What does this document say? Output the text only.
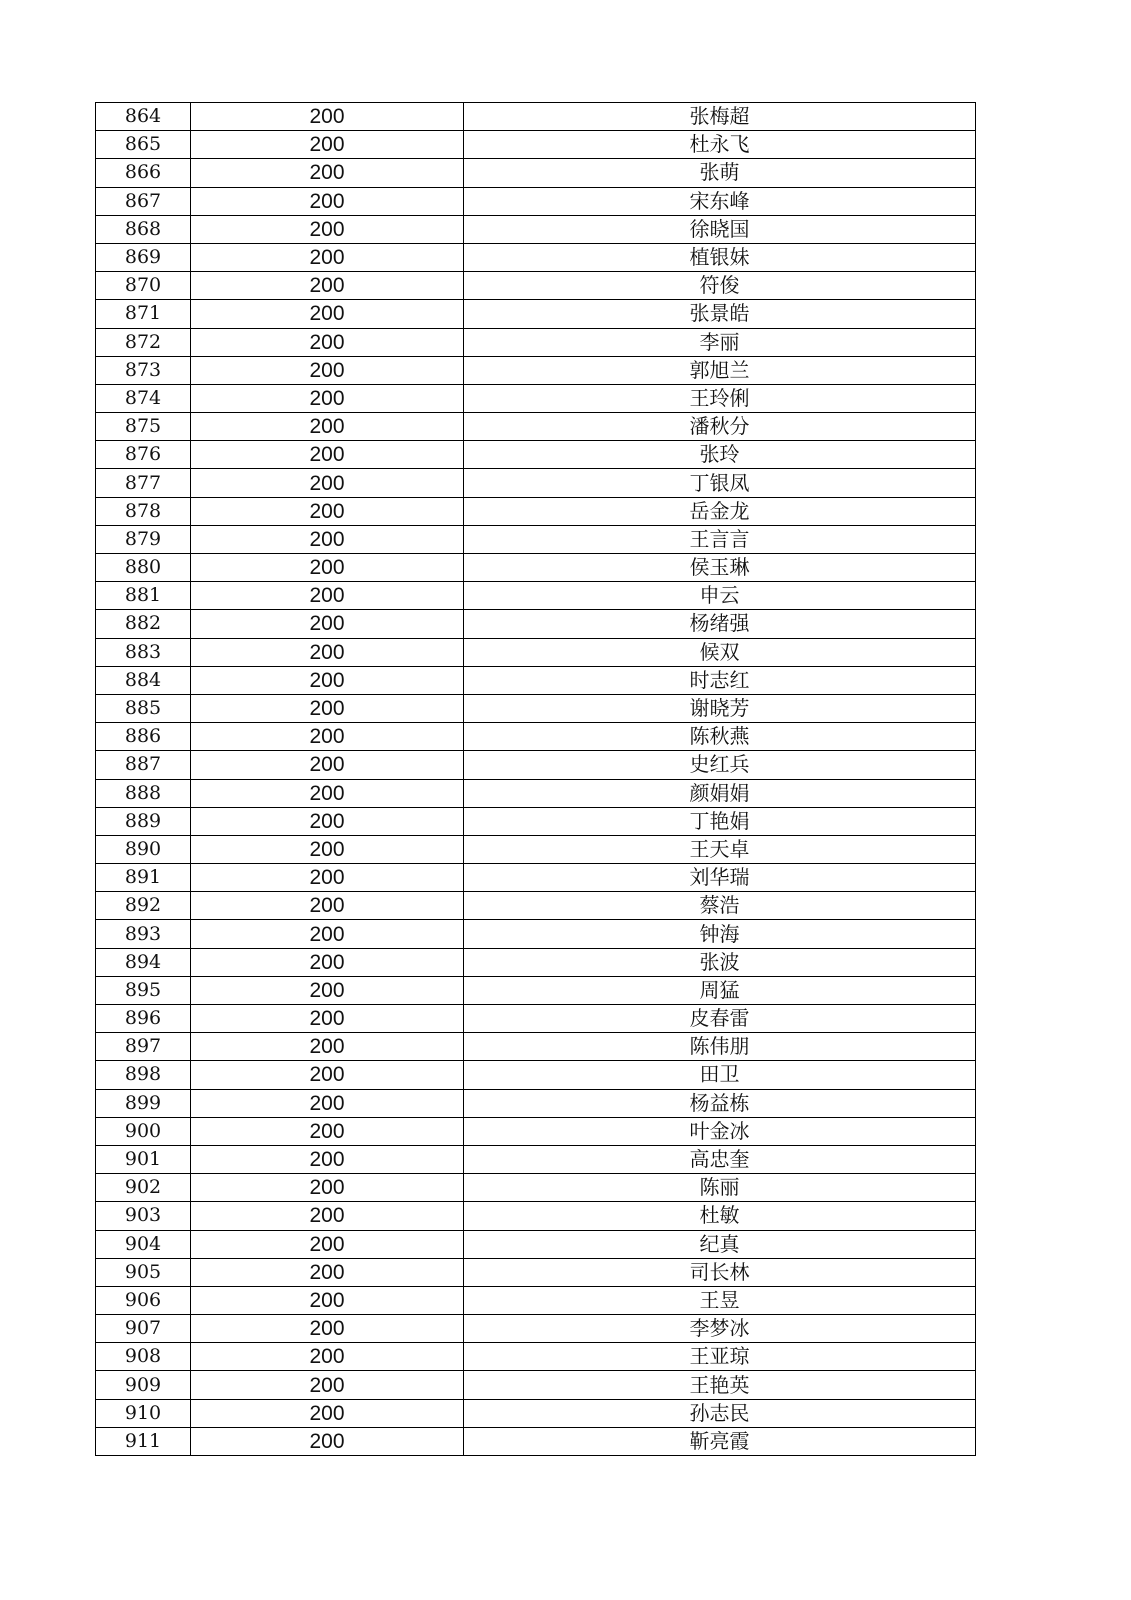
864	200	张梅超
865	200	杜永飞
866	200	张萌
867	200	宋东峰
868	200	徐晓国
869	200	植银妹
870	200	符俊
871	200	张景皓
872	200	李丽
873	200	郭旭兰
874	200	王玲俐
875	200	潘秋分
876	200	张玲
877	200	丁银凤
878	200	岳金龙
879	200	王言言
880	200	侯玉琳
881	200	申云
882	200	杨绪强
883	200	候双
884	200	时志红
885	200	谢晓芳
886	200	陈秋燕
887	200	史红兵
888	200	颜娟娟
889	200	丁艳娟
890	200	王天卓
891	200	刘华瑞
892	200	蔡浩
893	200	钟海
894	200	张波
895	200	周猛
896	200	皮春雷
897	200	陈伟朋
898	200	田卫
899	200	杨益栋
900	200	叶金冰
901	200	高忠奎
902	200	陈丽
903	200	杜敏
904	200	纪真
905	200	司长林
906	200	王昱
907	200	李梦冰
908	200	王亚琼
909	200	王艳英
910	200	孙志民
911	200	靳亮霞
